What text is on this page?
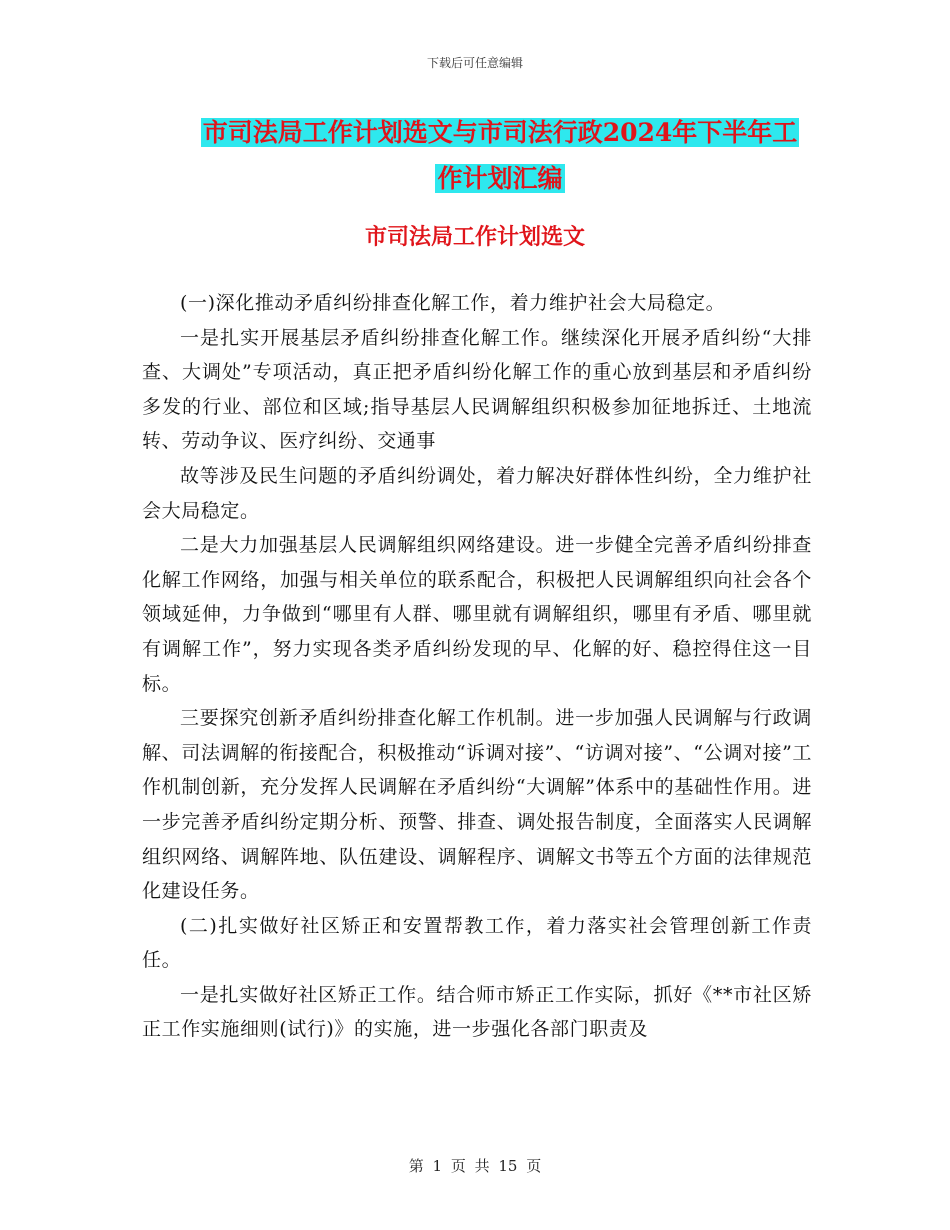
下载后可任意编辑
市司法局工作计划选文与市司法行政2024年下半年工
作计划汇编
市司法局工作计划选文

(一)深化推动矛盾纠纷排查化解工作，着力维护社会大局稳定。

一是扎实开展基层矛盾纠纷排查化解工作。继续深化开展矛盾纠纷“大排查、大调处”专项活动，真正把矛盾纠纷化解工作的重心放到基层和矛盾纠纷多发的行业、部位和区域;指导基层人民调解组织积极参加征地拆迁、土地流转、劳动争议、医疗纠纷、交通事

故等涉及民生问题的矛盾纠纷调处，着力解决好群体性纠纷，全力维护社会大局稳定。

二是大力加强基层人民调解组织网络建设。进一步健全完善矛盾纠纷排查化解工作网络，加强与相关单位的联系配合，积极把人民调解组织向社会各个领域延伸，力争做到“哪里有人群、哪里就有调解组织，哪里有矛盾、哪里就有调解工作”，努力实现各类矛盾纠纷发现的早、化解的好、稳控得住这一目标。

三要探究创新矛盾纠纷排查化解工作机制。进一步加强人民调解与行政调解、司法调解的衔接配合，积极推动“诉调对接”、“访调对接”、“公调对接”工作机制创新，充分发挥人民调解在矛盾纠纷“大调解”体系中的基础性作用。进一步完善矛盾纠纷定期分析、预警、排查、调处报告制度，全面落实人民调解组织网络、调解阵地、队伍建设、调解程序、调解文书等五个方面的法律规范化建设任务。

(二)扎实做好社区矫正和安置帮教工作，着力落实社会管理创新工作责任。

一是扎实做好社区矫正工作。结合师市矫正工作实际，抓好《**市社区矫正工作实施细则(试行)》的实施，进一步强化各部门职责及

第 1 页 共 15 页
